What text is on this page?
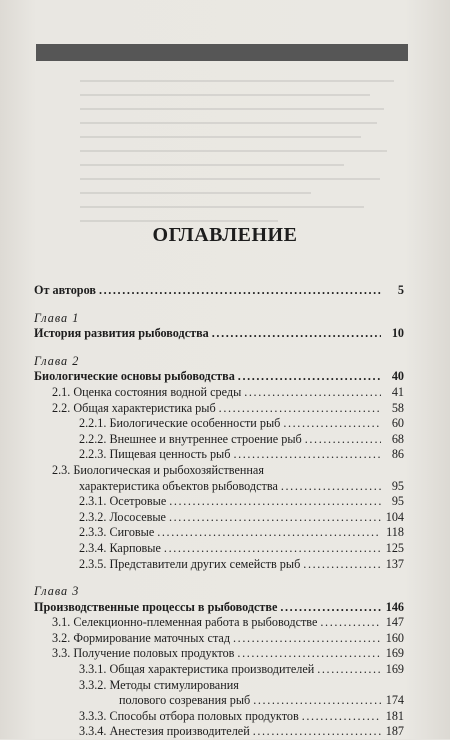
ОГЛАВЛЕНИЕ
От авторов .....	5
Глава 1
История развития рыбоводства .....	10
Глава 2
Биологические основы рыбоводства .....	40
2.1. Оценка состояния водной среды .....	41
2.2. Общая характеристика рыб .....	58
2.2.1. Биологические особенности рыб .....	60
2.2.2. Внешнее и внутреннее строение рыб .....	68
2.2.3. Пищевая ценность рыб .....	86
2.3. Биологическая и рыбохозяйственная
характеристика объектов рыбоводства .....	95
2.3.1. Осетровые .....	95
2.3.2. Лососевые .....	104
2.3.3. Сиговые .....	118
2.3.4. Карповые .....	125
2.3.5. Представители других семейств рыб .....	137
Глава 3
Производственные процессы в рыбоводстве .....	146
3.1. Селекционно-племенная работа в рыбоводстве .....	147
3.2. Формирование маточных стад .....	160
3.3. Получение половых продуктов .....	169
3.3.1. Общая характеристика производителей .....	169
3.3.2. Методы стимулирования
полового созревания рыб .....	174
3.3.3. Способы отбора половых продуктов .....	181
3.3.4. Анестезия производителей .....	187
